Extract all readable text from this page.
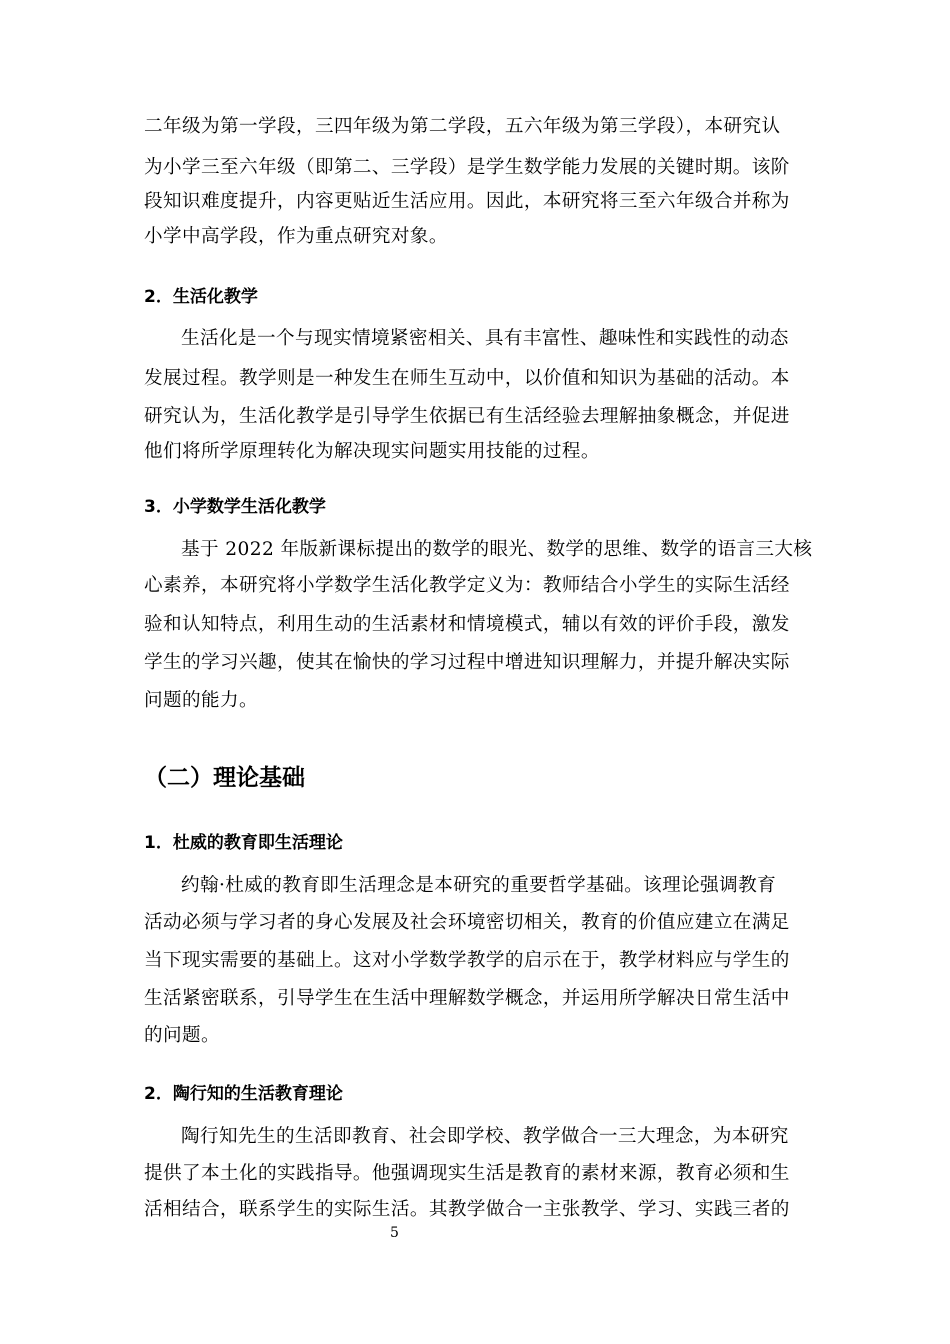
二年级为第一学段，三四年级为第二学段，五六年级为第三学段），本研究认
为小学三至六年级（即第二、三学段）是学生数学能力发展的关键时期。该阶
段知识难度提升，内容更贴近生活应用。因此，本研究将三至六年级合并称为
小学中高学段，作为重点研究对象。
2．生活化教学
生活化是一个与现实情境紧密相关、具有丰富性、趣味性和实践性的动态
发展过程。教学则是一种发生在师生互动中，以价值和知识为基础的活动。本
研究认为，生活化教学是引导学生依据已有生活经验去理解抽象概念，并促进
他们将所学原理转化为解决现实问题实用技能的过程。
3．小学数学生活化教学
基于 2022 年版新课标提出的数学的眼光、数学的思维、数学的语言三大核
心素养，本研究将小学数学生活化教学定义为：教师结合小学生的实际生活经
验和认知特点，利用生动的生活素材和情境模式，辅以有效的评价手段，激发
学生的学习兴趣，使其在愉快的学习过程中增进知识理解力，并提升解决实际
问题的能力。
（二）理论基础
1．杜威的教育即生活理论
约翰·杜威的教育即生活理念是本研究的重要哲学基础。该理论强调教育
活动必须与学习者的身心发展及社会环境密切相关，教育的价值应建立在满足
当下现实需要的基础上。这对小学数学教学的启示在于，教学材料应与学生的
生活紧密联系，引导学生在生活中理解数学概念，并运用所学解决日常生活中
的问题。
2．陶行知的生活教育理论
陶行知先生的生活即教育、社会即学校、教学做合一三大理念，为本研究
提供了本土化的实践指导。他强调现实生活是教育的素材来源，教育必须和生
活相结合，联系学生的实际生活。其教学做合一主张教学、学习、实践三者的
5
